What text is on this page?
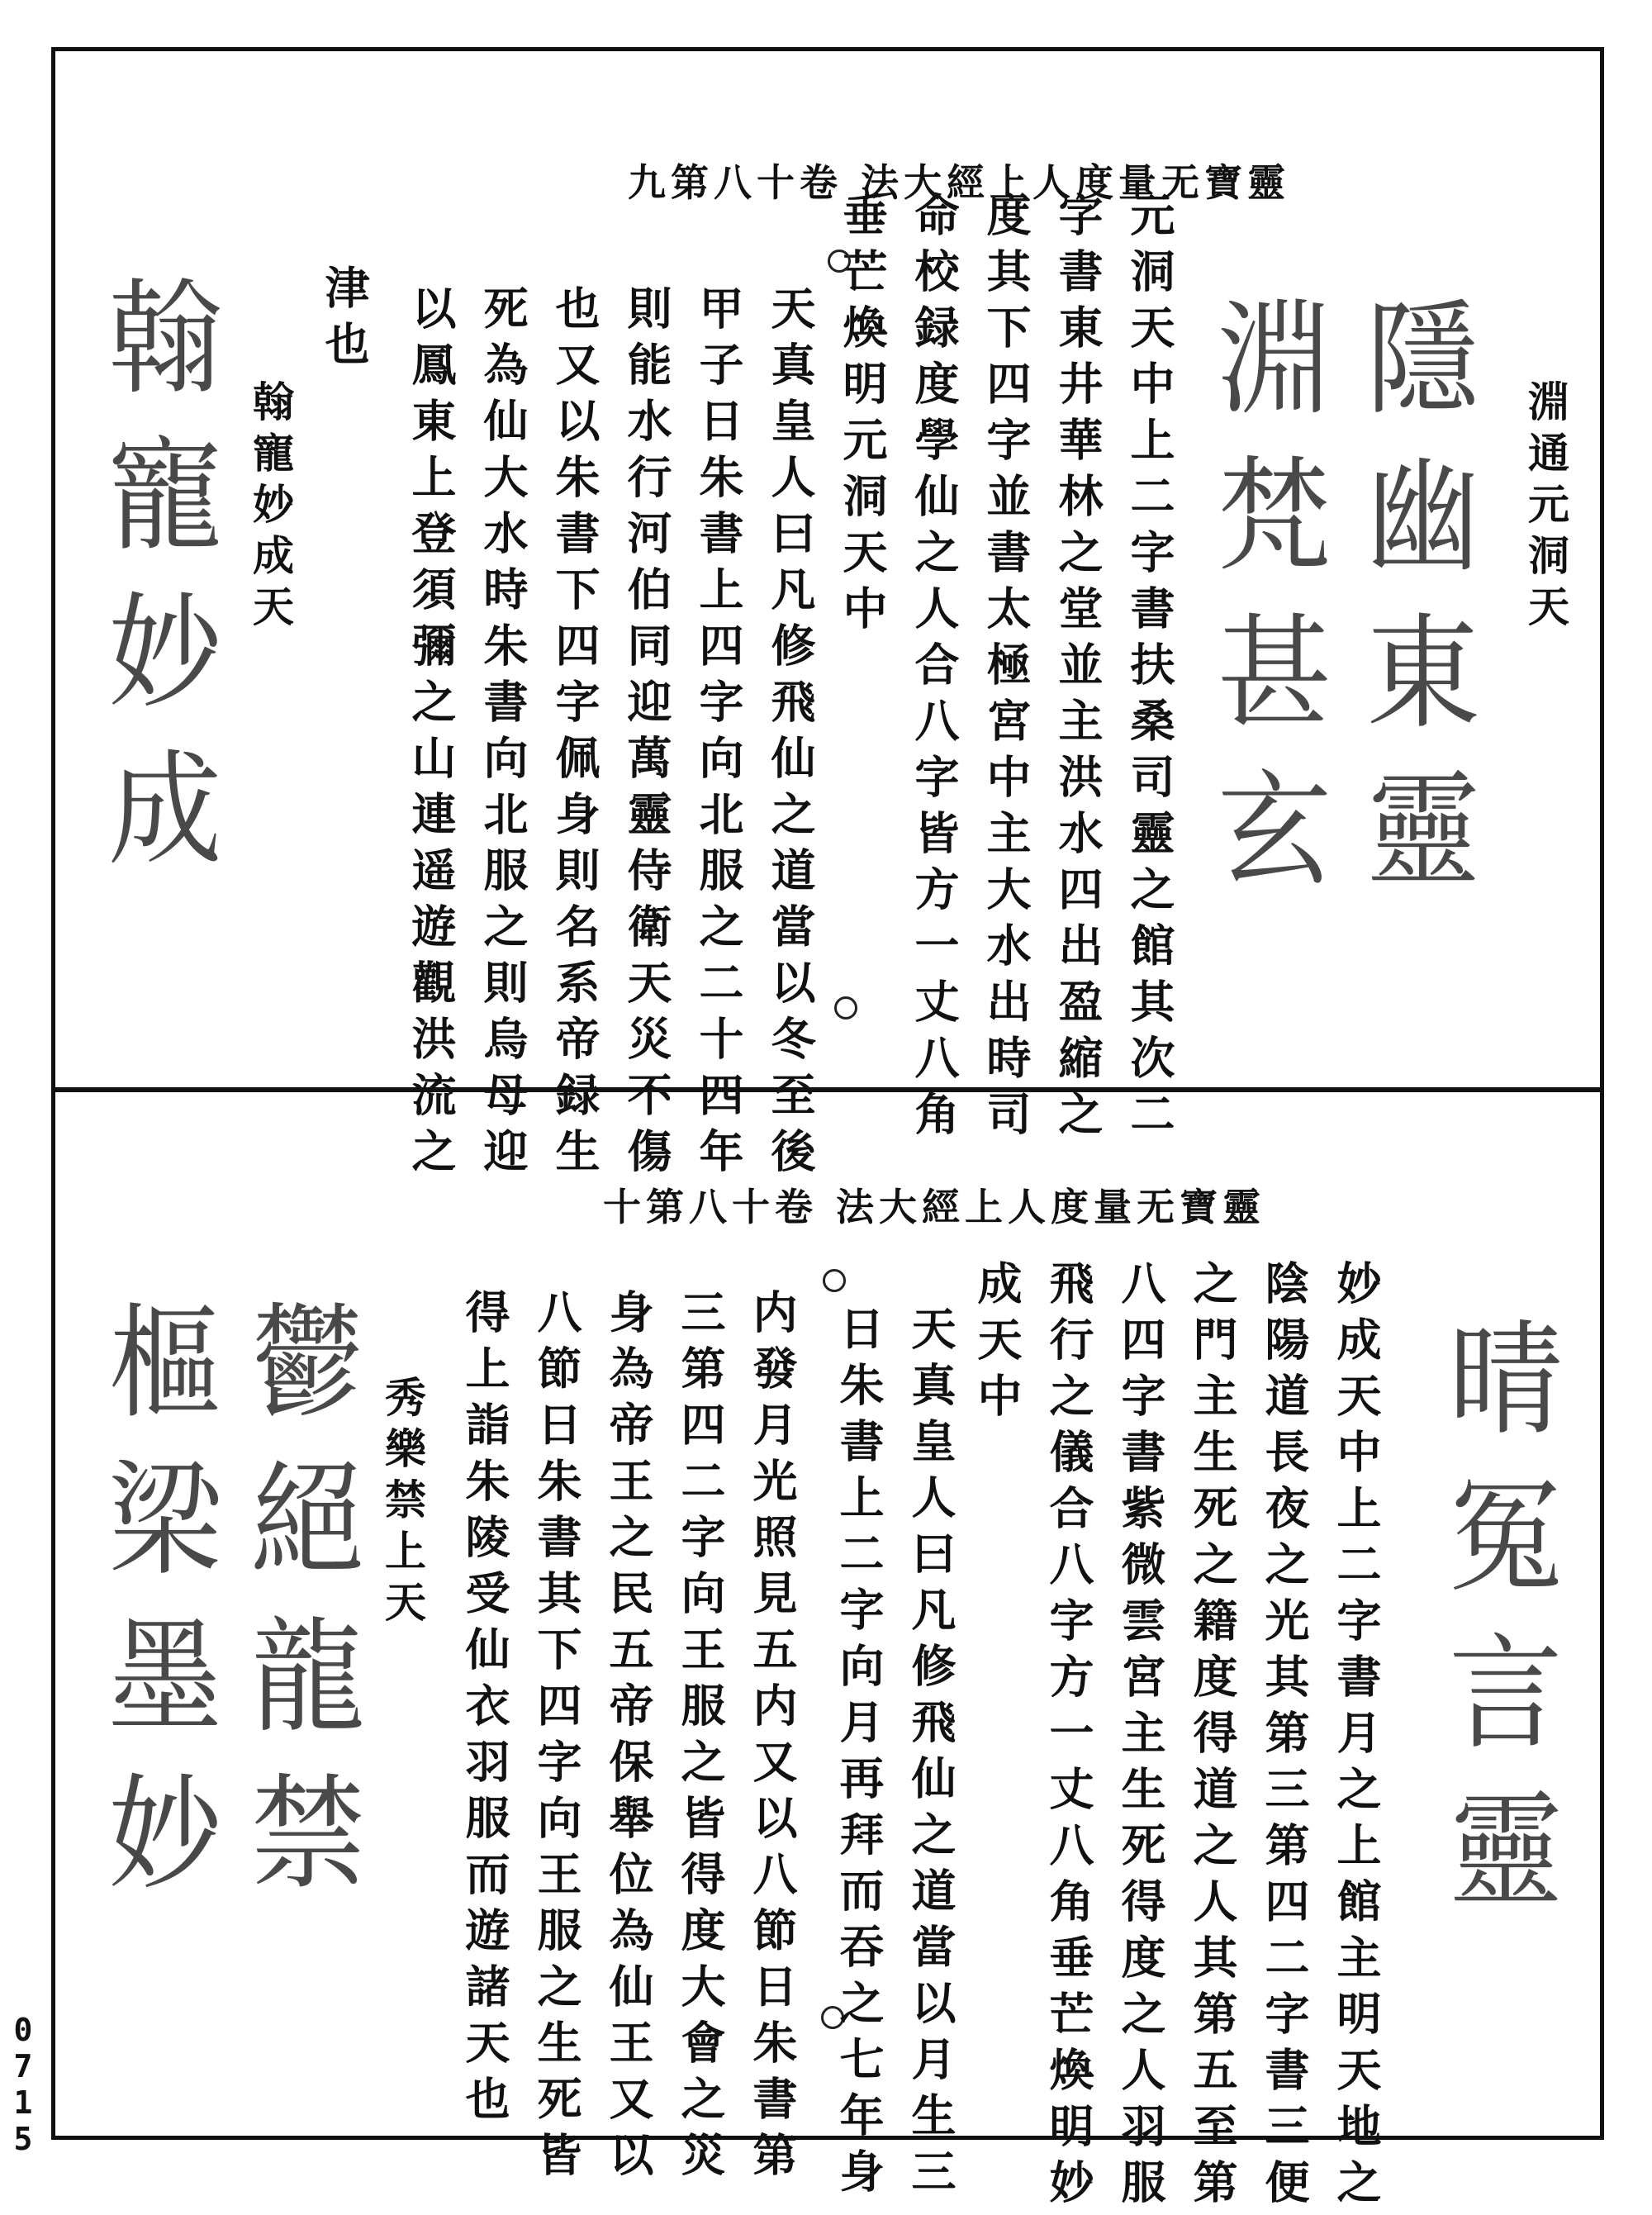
0715
靈寶无量度人上經大法 卷十八第九
淵通元洞天
隱幽東靈
淵梵甚玄
元洞天中上二字書扶桑司靈之館其次二
字書東井華林之堂並主洪水四出盈縮之
度其下四字並書太極宮中主大水出時司
命校録度學仙之人合八字皆方一丈八角
垂芒煥明元洞天中
天真皇人曰凡修飛仙之道當以冬至後
甲子日朱書上四字向北服之二十四年
則能水行河伯同迎萬靈侍衛天災不傷
也又以朱書下四字佩身則名系帝録生
死為仙大水時朱書向北服之則烏母迎
以鳳東上登須彌之山連遥遊觀洪流之
津也
翰寵妙成天
翰寵妙成
靈寶无量度人上經大法 卷十八第十
晴冤言靈
妙成天中上二字書月之上館主明天地之
陰陽道長夜之光其第三第四二字書三便
之門主生死之籍度得道之人其第五至第
八四字書紫微雲宮主生死得度之人羽服
飛行之儀合八字方一丈八角垂芒煥明妙
成天中
天真皇人曰凡修飛仙之道當以月生三
日朱書上二字向月再拜而吞之七年身
内發月光照見五内又以八節日朱書第
三第四二字向王服之皆得度大會之災
身為帝王之民五帝保舉位為仙王又以
八節日朱書其下四字向王服之生死皆
得上詣朱陵受仙衣羽服而遊諸天也
秀樂禁上天
鬱絕龍禁
樞梁墨妙
